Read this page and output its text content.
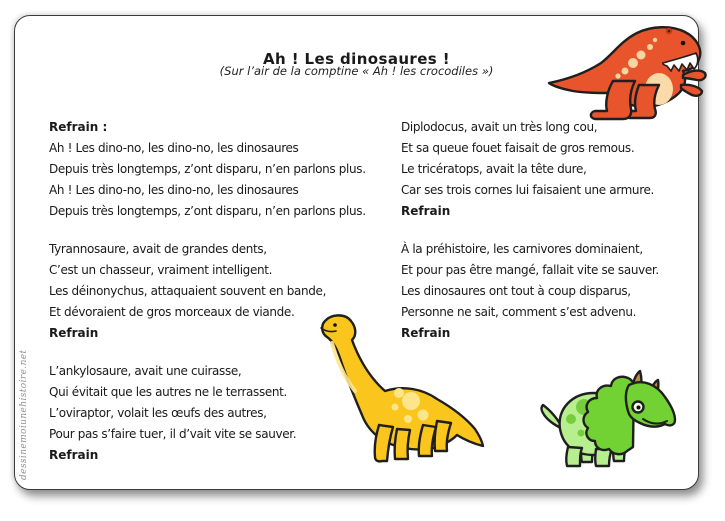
Ah ! Les dinosaures !
(Sur l’air de la comptine « Ah ! les crocodiles »)

Refrain :

Ah ! Les dino-no, les dino-no, les dinosaures

Depuis très longtemps, z’ont disparu, n’en parlons plus.

Ah ! Les dino-no, les dino-no, les dinosaures

Depuis très longtemps, z’ont disparu, n’en parlons plus.

Tyrannosaure, avait de grandes dents,

C’est un chasseur, vraiment intelligent.

Les déinonychus, attaquaient souvent en bande,

Et dévoraient de gros morceaux de viande.

Refrain

L’ankylosaure, avait une cuirasse,

Qui évitait que les autres ne le terrassent.

L’oviraptor, volait les œufs des autres,

Pour pas s’faire tuer, il d’vait vite se sauver.

Refrain

Diplodocus, avait un très long cou,

Et sa queue fouet faisait de gros remous.

Le tricératops, avait la tête dure,

Car ses trois cornes lui faisaient une armure.

Refrain

À la préhistoire, les carnivores dominaient,

Et pour pas être mangé, fallait vite se sauver.

Les dinosaures ont tout à coup disparus,

Personne ne sait, comment s’est advenu.

Refrain

dessinemoiunehistoire.net
